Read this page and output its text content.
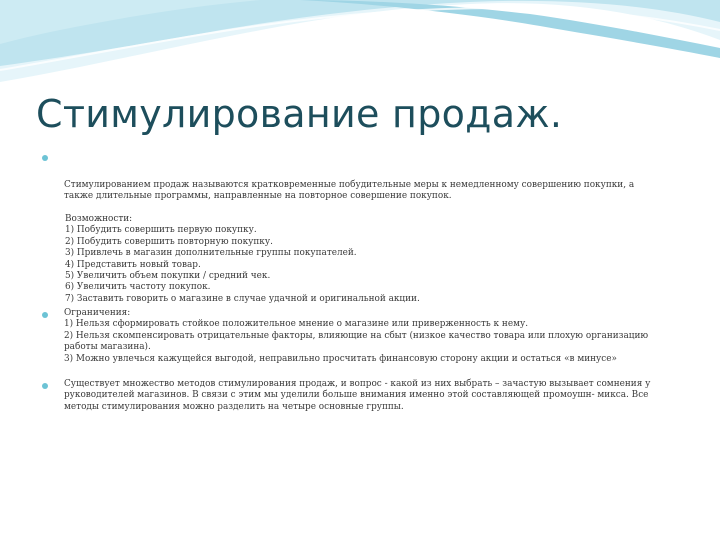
Стимулирование продаж.

Стимулированием продаж называются кратковременные побудительные меры к немедленному совершению покупки, а также длительные программы, направленные на повторное совершение покупок.

Возможности:
1) Побудить совершить первую покупку.
2) Побудить совершить повторную покупку.
3) Привлечь в магазин дополнительные группы покупателей.
4) Представить новый товар.
5) Увеличить объем покупки / средний чек.
6) Увеличить частоту покупок.
7) Заставить говорить о магазине в случае удачной и оригинальной акции.
Ограничения:
1) Нельзя сформировать стойкое положительное мнение о магазине или приверженность к нему.
2) Нельзя скомпенсировать отрицательные факторы, влияющие на сбыт (низкое качество товара или плохую организацию работы магазина).
3) Можно увлечься кажущейся выгодой, неправильно просчитать финансовую сторону акции и остаться «в минусе»

Существует множество методов стимулирования продаж, и вопрос - какой из них выбрать – зачастую вызывает сомнения у руководителей магазинов. В связи с этим мы уделили больше внимания именно этой составляющей промоушн- микса. Все методы стимулирования можно разделить на четыре основные группы.
